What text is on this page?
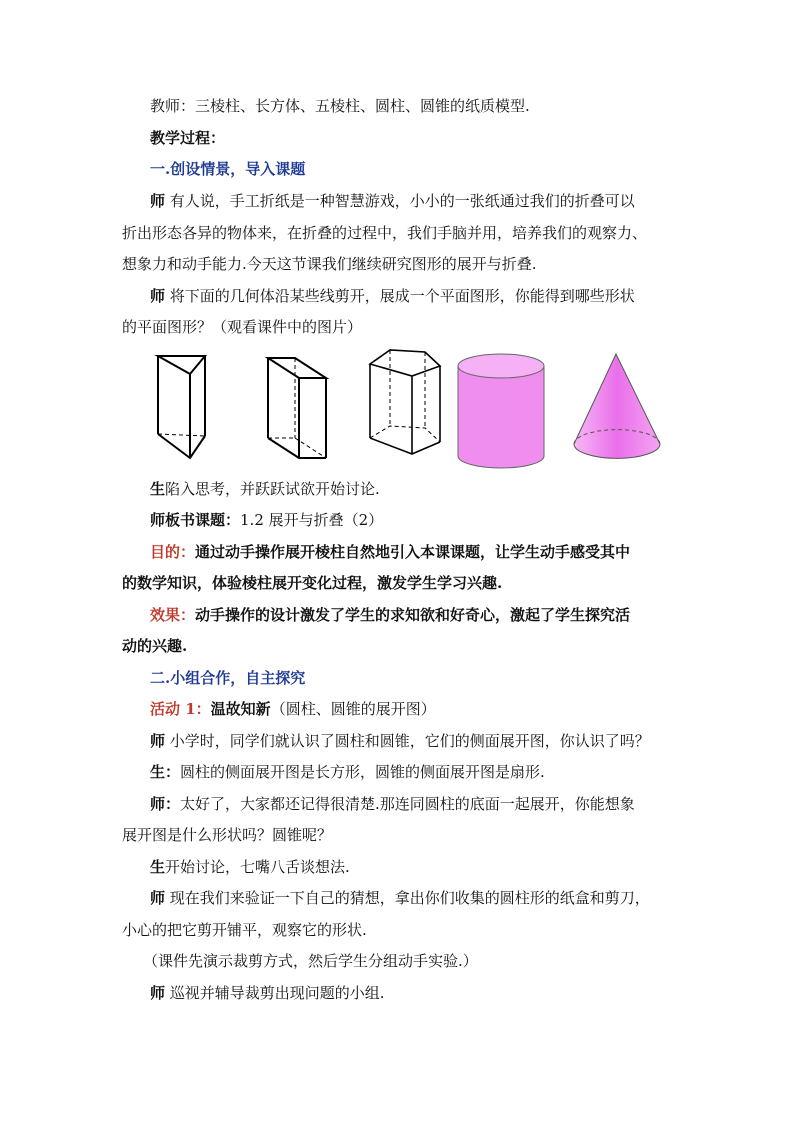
教师：三棱柱、长方体、五棱柱、圆柱、圆锥的纸质模型.
教学过程：
一.创设情景，导入课题
师 有人说，手工折纸是一种智慧游戏，小小的一张纸通过我们的折叠可以
折出形态各异的物体来，在折叠的过程中，我们手脑并用，培养我们的观察力、
想象力和动手能力.今天这节课我们继续研究图形的展开与折叠.
师 将下面的几何体沿某些线剪开，展成一个平面图形，你能得到哪些形状
的平面图形？（观看课件中的图片）
生陷入思考，并跃跃试欲开始讨论.
师板书课题：1.2 展开与折叠（2）
目的：通过动手操作展开棱柱自然地引入本课课题，让学生动手感受其中
的数学知识，体验棱柱展开变化过程，激发学生学习兴趣.
效果：动手操作的设计激发了学生的求知欲和好奇心，激起了学生探究活
动的兴趣.
二.小组合作，自主探究
活动 1：温故知新（圆柱、圆锥的展开图）
师 小学时，同学们就认识了圆柱和圆锥，它们的侧面展开图，你认识了吗？
生：圆柱的侧面展开图是长方形，圆锥的侧面展开图是扇形.
师：太好了，大家都还记得很清楚.那连同圆柱的底面一起展开，你能想象
展开图是什么形状吗？圆锥呢？
生开始讨论，七嘴八舌谈想法.
师 现在我们来验证一下自己的猜想，拿出你们收集的圆柱形的纸盒和剪刀，
小心的把它剪开铺平，观察它的形状.
（课件先演示裁剪方式，然后学生分组动手实验.）
师 巡视并辅导裁剪出现问题的小组.
